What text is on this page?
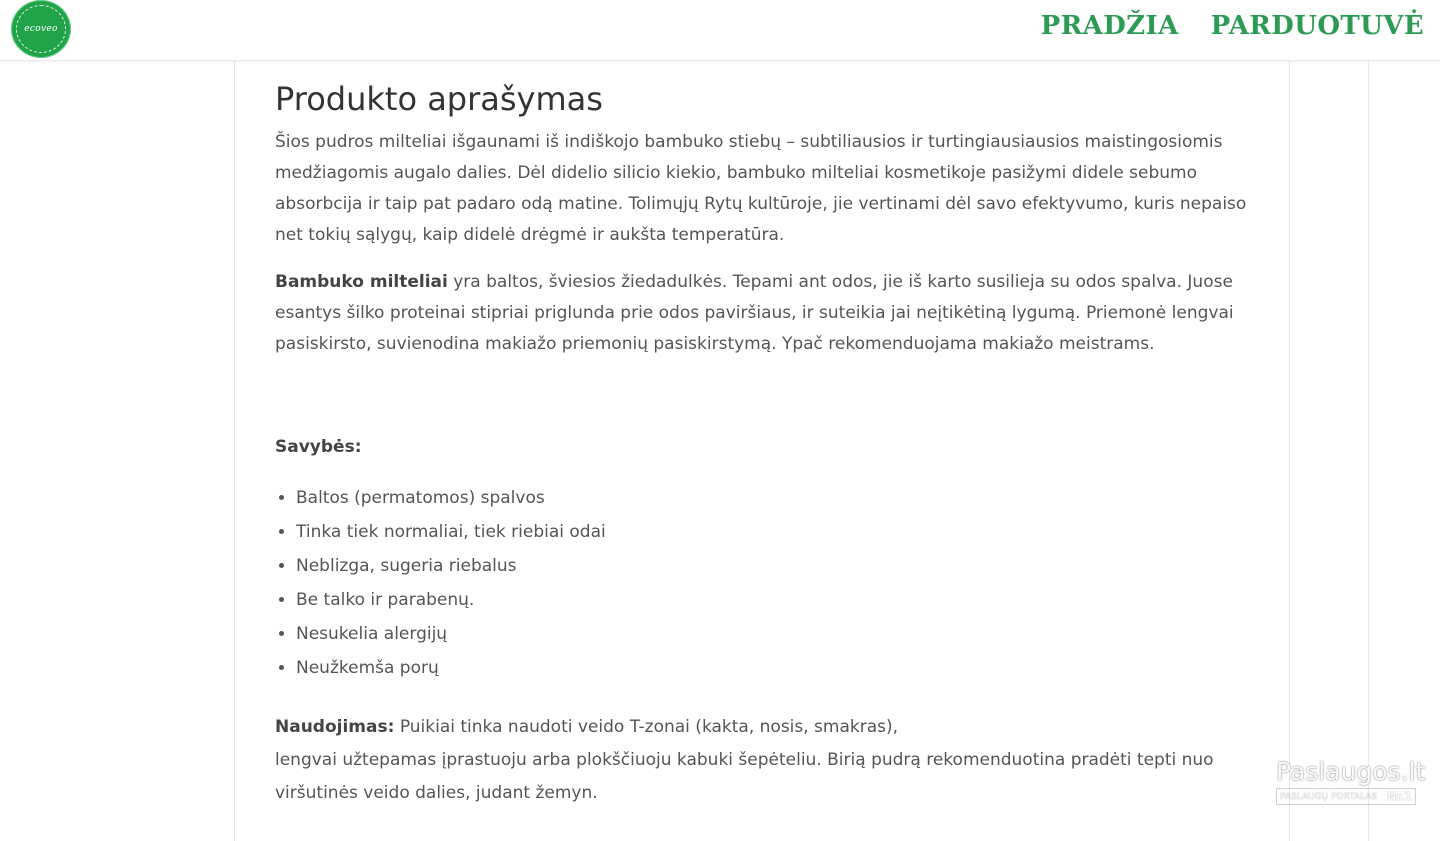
ecoveo	PRADŽIA PARDUOTUVĖ
Produkto aprašymas

Šios pudros milteliai išgaunami iš indiškojo bambuko stiebų – subtiliausios ir turtingiausiausios maistingosiomis medžiagomis augalo dalies. Dėl didelio silicio kiekio, bambuko milteliai kosmetikoje pasižymi didele sebumo absorbcija ir taip pat padaro odą matine. Tolimųjų Rytų kultūroje, jie vertinami dėl savo efektyvumo, kuris nepaiso net tokių sąlygų, kaip didelė drėgmė ir aukšta temperatūra.

Bambuko milteliai yra baltos, šviesios žiedadulkės. Tepami ant odos, jie iš karto susilieja su odos spalva. Juose esantys šilko proteinai stipriai priglunda prie odos paviršiaus, ir suteikia jai neįtikėtiną lygumą. Priemonė lengvai pasiskirsto, suvienodina makiažo priemonių pasiskirstymą. Ypač rekomenduojama makiažo meistrams.

Savybės:

• Baltos (permatomos) spalvos
• Tinka tiek normaliai, tiek riebiai odai
• Neblizga, sugeria riebalus
• Be talko ir parabenų.
• Nesukelia alergijų
• Neužkemša porų

Naudojimas: Puikiai tinka naudoti veido T-zonai (kakta, nosis, smakras),
lengvai užtepamas įprastuoju arba plokščiuoju kabuki šepėteliu. Birią pudrą rekomenduotina pradėti tepti nuo viršutinės veido dalies, judant žemyn.

Paslaugos.lt
PASLAUGŲ PORTALAS Nr.1
